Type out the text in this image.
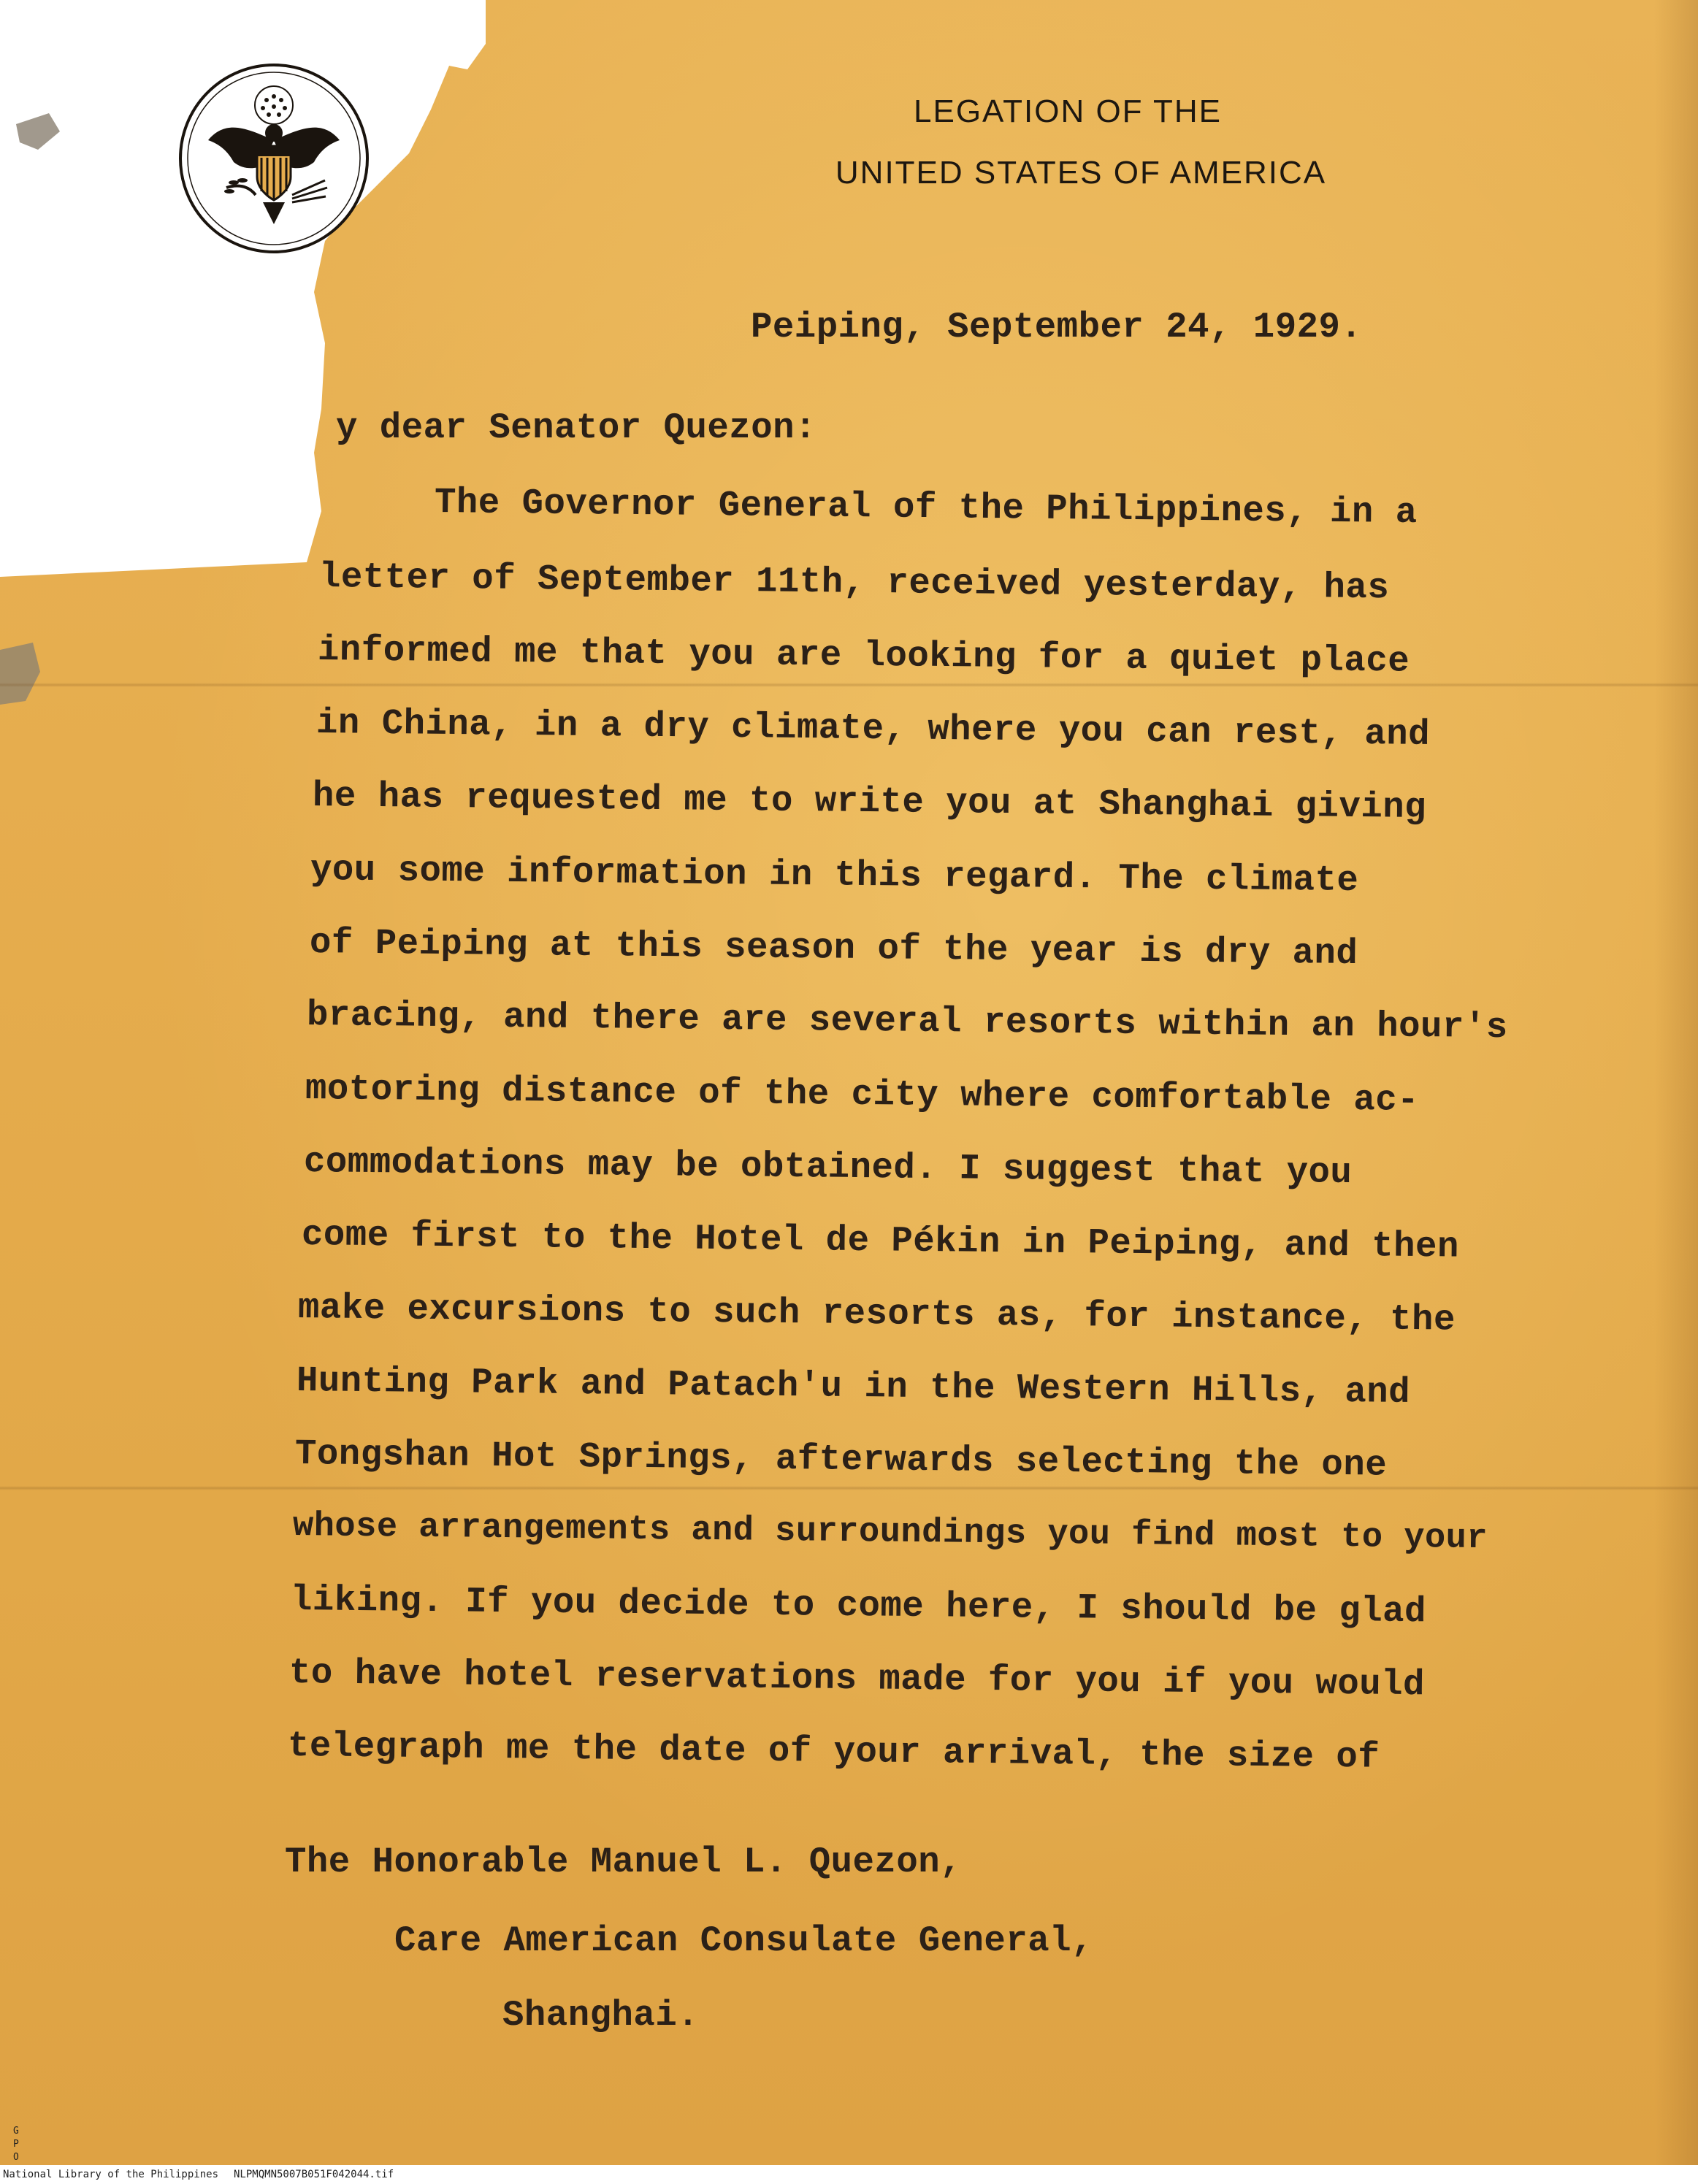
LEGATION OF THE
UNITED STATES OF AMERICA
Peiping, September 24, 1929.
y dear Senator Quezon:
The Governor General of the Philippines, in a
letter of September 11th, received yesterday, has
informed me that you are looking for a quiet place
in China, in a dry climate, where you can rest, and
he has requested me to write you at Shanghai giving
you some information in this regard. The climate
of Peiping at this season of the year is dry and
bracing, and there are several resorts within an hour's
motoring distance of the city where comfortable ac-
commodations may be obtained. I suggest that you
come first to the Hotel de Pékin in Peiping, and then
make excursions to such resorts as, for instance, the
Hunting Park and Patach'u in the Western Hills, and
Tongshan Hot Springs, afterwards selecting the one
whose arrangements and surroundings you find most to your
liking. If you decide to come here, I should be glad
to have hotel reservations made for you if you would
telegraph me the date of your arrival, the size of
The Honorable Manuel L. Quezon,
Care American Consulate General,
Shanghai.
G P O
National Library of the Philippines NLPMQMN5007B051F042044.tif
